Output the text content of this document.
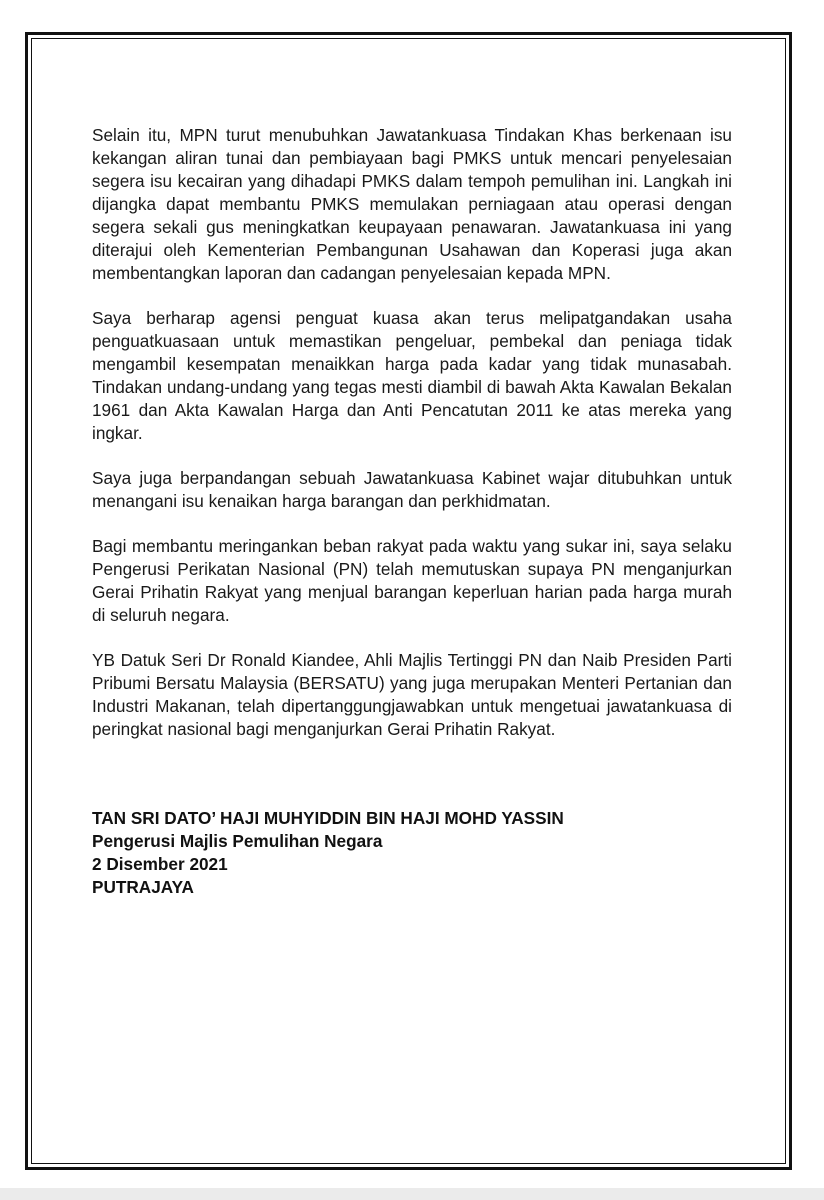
Selain itu, MPN turut menubuhkan Jawatankuasa Tindakan Khas berkenaan isu kekangan aliran tunai dan pembiayaan bagi PMKS untuk mencari penyelesaian segera isu kecairan yang dihadapi PMKS dalam tempoh pemulihan ini. Langkah ini dijangka dapat membantu PMKS memulakan perniagaan atau operasi dengan segera sekali gus meningkatkan keupayaan penawaran. Jawatankuasa ini yang diterajui oleh Kementerian Pembangunan Usahawan dan Koperasi juga akan membentangkan laporan dan cadangan penyelesaian kepada MPN.

Saya berharap agensi penguat kuasa akan terus melipatgandakan usaha penguatkuasaan untuk memastikan pengeluar, pembekal dan peniaga tidak mengambil kesempatan menaikkan harga pada kadar yang tidak munasabah. Tindakan undang-undang yang tegas mesti diambil di bawah Akta Kawalan Bekalan 1961 dan Akta Kawalan Harga dan Anti Pencatutan 2011 ke atas mereka yang ingkar.

Saya juga berpandangan sebuah Jawatankuasa Kabinet wajar ditubuhkan untuk menangani isu kenaikan harga barangan dan perkhidmatan.

Bagi membantu meringankan beban rakyat pada waktu yang sukar ini, saya selaku Pengerusi Perikatan Nasional (PN) telah memutuskan supaya PN menganjurkan Gerai Prihatin Rakyat yang menjual barangan keperluan harian pada harga murah di seluruh negara.

YB Datuk Seri Dr Ronald Kiandee, Ahli Majlis Tertinggi PN dan Naib Presiden Parti Pribumi Bersatu Malaysia (BERSATU) yang juga merupakan Menteri Pertanian dan Industri Makanan, telah dipertanggungjawabkan untuk mengetuai jawatankuasa di peringkat nasional bagi menganjurkan Gerai Prihatin Rakyat.

TAN SRI DATO’ HAJI MUHYIDDIN BIN HAJI MOHD YASSIN
Pengerusi Majlis Pemulihan Negara
2 Disember 2021
PUTRAJAYA
